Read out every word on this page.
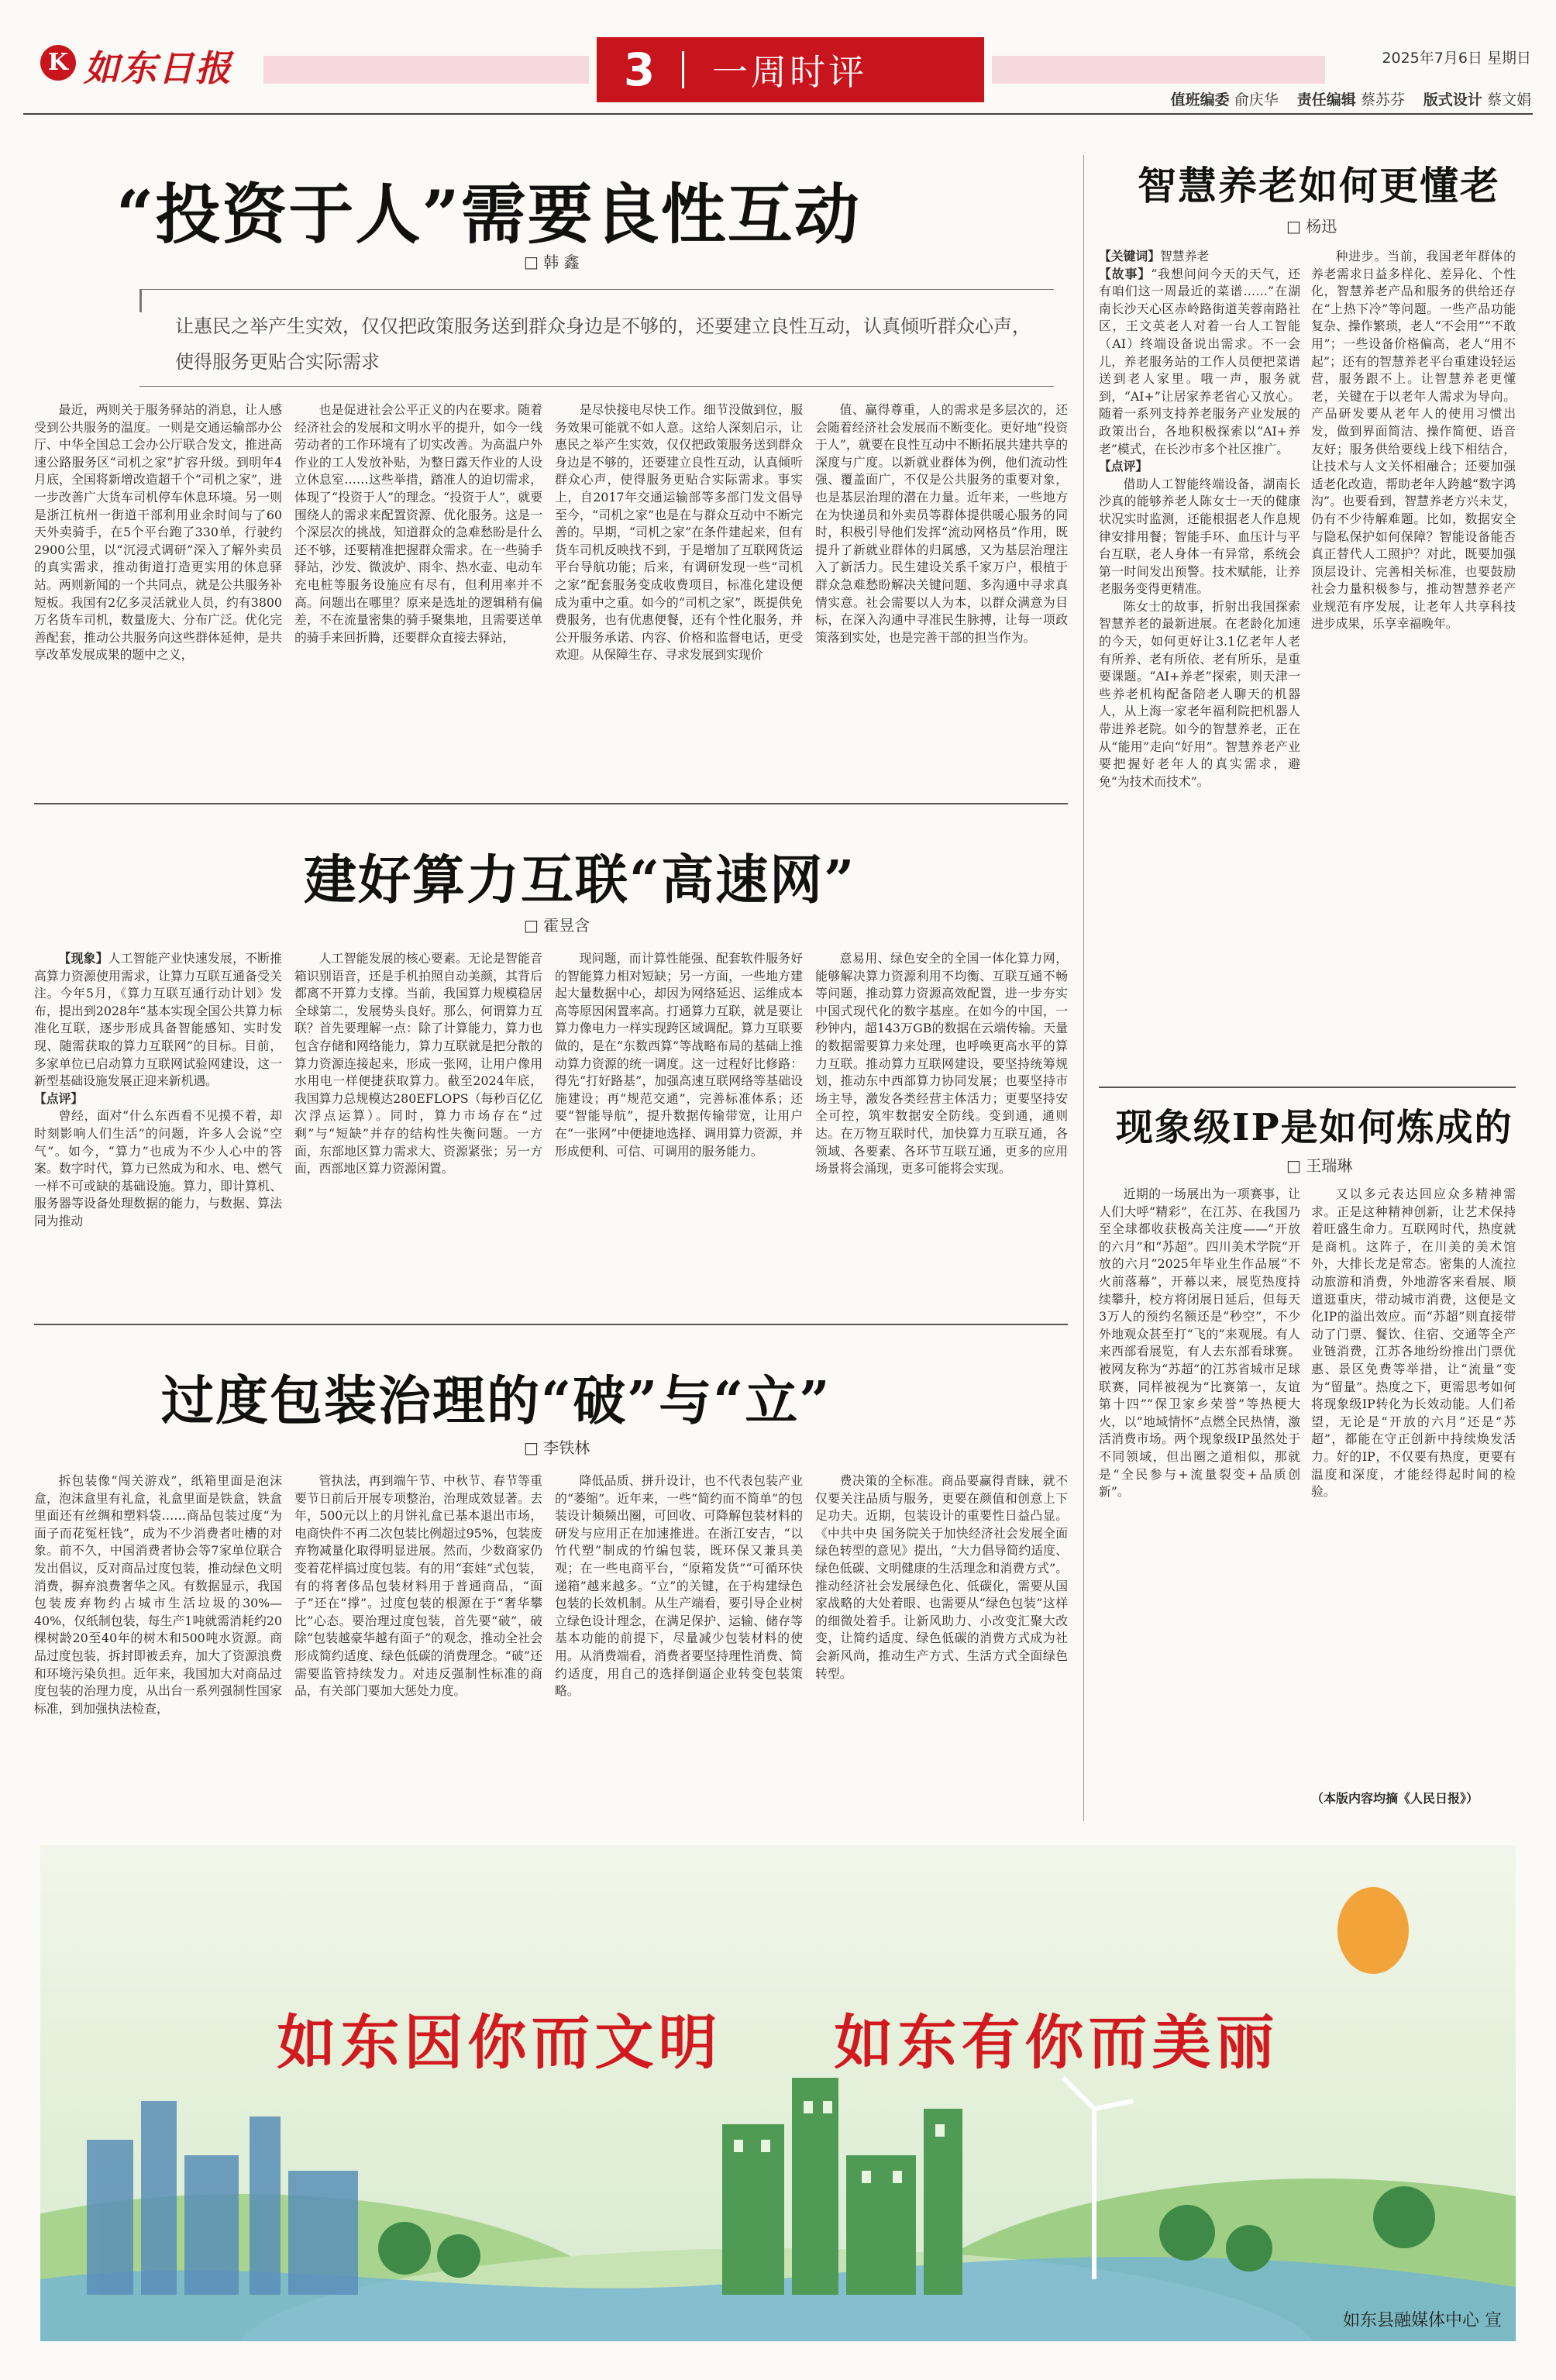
K 如东日报	3	一周时评	2025年7月6日 星期日
值班编委 俞庆华 责任编辑 蔡苏芬 版式设计 蔡文娟
“投资于人”需要良性互动
□ 韩 鑫
让惠民之举产生实效，仅仅把政策服务送到群众身边是不够的，还要建立良性互动，认真倾听群众心声，使得服务更贴合实际需求

最近，两则关于服务驿站的消息，让人感受到公共服务的温度。一则是交通运输部办公厅、中华全国总工会办公厅联合发文，推进高速公路服务区“司机之家”扩容升级。到明年4月底，全国将新增改造超千个“司机之家”，进一步改善广大货车司机停车休息环境。另一则是浙江杭州一街道干部利用业余时间与了60天外卖骑手，在5个平台跑了330单，行驶约2900公里，以“沉浸式调研”深入了解外卖员的真实需求，推动街道打造更实用的休息驿站。两则新闻的一个共同点，就是公共服务补短板。我国有2亿多灵活就业人员，约有3800万名货车司机，数量庞大、分布广泛。优化完善配套，推动公共服务向这些群体延伸，是共享改革发展成果的题中之义，

也是促进社会公平正义的内在要求。随着经济社会的发展和文明水平的提升，如今一线劳动者的工作环境有了切实改善。为高温户外作业的工人发放补贴，为整日露天作业的人设立休息室……这些举措，踏准人的迫切需求，体现了“投资于人”的理念。“投资于人”，就要围绕人的需求来配置资源、优化服务。这是一个深层次的挑战，知道群众的急难愁盼是什么还不够，还要精准把握群众需求。在一些骑手驿站，沙发、微波炉、雨伞、热水壶、电动车充电桩等服务设施应有尽有，但利用率并不高。问题出在哪里？原来是选址的逻辑稍有偏差，不在流量密集的骑手聚集地，且需要送单的骑手来回折腾，还要群众直接去驿站，

是尽快接电尽快工作。细节没做到位，服务效果可能就不如人意。这给人深刻启示，让惠民之举产生实效，仅仅把政策服务送到群众身边是不够的，还要建立良性互动，认真倾听群众心声，使得服务更贴合实际需求。事实上，自2017年交通运输部等多部门发文倡导至今，“司机之家”也是在与群众互动中不断完善的。早期，“司机之家”在条件建起来，但有货车司机反映找不到，于是增加了互联网货运平台导航功能；后来，有调研发现一些“司机之家”配套服务变成收费项目，标准化建设便成为重中之重。如今的“司机之家”，既提供免费服务，也有优惠便餐，还有个性化服务，并公开服务承诺、内容、价格和监督电话，更受欢迎。从保障生存、寻求发展到实现价

值、赢得尊重，人的需求是多层次的，还会随着经济社会发展而不断变化。更好地“投资于人”，就要在良性互动中不断拓展共建共享的深度与广度。以新就业群体为例，他们流动性强、覆盖面广，不仅是公共服务的重要对象，也是基层治理的潜在力量。近年来，一些地方在为快递员和外卖员等群体提供暖心服务的同时，积极引导他们发挥“流动网格员”作用，既提升了新就业群体的归属感，又为基层治理注入了新活力。民生建设关系千家万户，根植于群众急难愁盼解决关键问题、多沟通中寻求真情实意。社会需要以人为本，以群众满意为目标，在深入沟通中寻准民生脉搏，让每一项政策落到实处，也是完善干部的担当作为。

建好算力互联“高速网”
□ 霍昱含

【现象】人工智能产业快速发展，不断推高算力资源使用需求，让算力互联互通备受关注。今年5月，《算力互联互通行动计划》发布，提出到2028年“基本实现全国公共算力标准化互联，逐步形成具备智能感知、实时发现、随需获取的算力互联网”的目标。目前，多家单位已启动算力互联网试验网建设，这一新型基础设施发展正迎来新机遇。

【点评】

曾经，面对“什么东西看不见摸不着，却时刻影响人们生活”的问题，许多人会说“空气”。如今，“算力”也成为不少人心中的答案。数字时代，算力已然成为和水、电、燃气一样不可或缺的基础设施。算力，即计算机、服务器等设备处理数据的能力，与数据、算法同为推动

人工智能发展的核心要素。无论是智能音箱识别语音，还是手机拍照自动美颜，其背后都离不开算力支撑。当前，我国算力规模稳居全球第二，发展势头良好。那么，何谓算力互联？首先要理解一点：除了计算能力，算力也包含存储和网络能力，算力互联就是把分散的算力资源连接起来，形成一张网，让用户像用水用电一样便捷获取算力。截至2024年底，我国算力总规模达280EFLOPS（每秒百亿亿次浮点运算）。同时，算力市场存在“过剩”与“短缺”并存的结构性失衡问题。一方面，东部地区算力需求大、资源紧张；另一方面，西部地区算力资源闲置。

现问题，而计算性能强、配套软件服务好的智能算力相对短缺；另一方面，一些地方建起大量数据中心，却因为网络延迟、运维成本高等原因闲置率高。打通算力互联，就是要让算力像电力一样实现跨区域调配。算力互联要做的，是在“东数西算”等战略布局的基础上推动算力资源的统一调度。这一过程好比修路：得先“打好路基”，加强高速互联网络等基础设施建设；再“规范交通”，完善标准体系；还要“智能导航”，提升数据传输带宽，让用户在“一张网”中便捷地选择、调用算力资源，并形成便利、可信、可调用的服务能力。

意易用、绿色安全的全国一体化算力网，能够解决算力资源利用不均衡、互联互通不畅等问题，推动算力资源高效配置，进一步夯实中国式现代化的数字基座。在如今的中国，一秒钟内，超143万GB的数据在云端传输。天量的数据需要算力来处理，也呼唤更高水平的算力互联。推动算力互联网建设，要坚持统筹规划，推动东中西部算力协同发展；也要坚持市场主导，激发各类经营主体活力；更要坚持安全可控，筑牢数据安全防线。变到通，通则达。在万物互联时代，加快算力互联互通，各领域、各要素、各环节互联互通，更多的应用场景将会涌现，更多可能将会实现。

过度包装治理的“破”与“立”
□ 李铁林

拆包装像“闯关游戏”，纸箱里面是泡沫盒，泡沫盒里有礼盒，礼盒里面是铁盒，铁盒里面还有丝绸和塑料袋……商品包装过度“为面子而花冤枉钱”，成为不少消费者吐槽的对象。前不久，中国消费者协会等7家单位联合发出倡议，反对商品过度包装，推动绿色文明消费，摒弃浪费奢华之风。有数据显示，我国包装废弃物约占城市生活垃圾的30%—40%，仅纸制包装，每生产1吨就需消耗约20棵树龄20至40年的树木和500吨水资源。商品过度包装，拆封即被丢弃，加大了资源浪费和环境污染负担。近年来，我国加大对商品过度包装的治理力度，从出台一系列强制性国家标准，到加强执法检查，

管执法，再到端午节、中秋节、春节等重要节日前后开展专项整治，治理成效显著。去年，500元以上的月饼礼盒已基本退出市场，电商快件不再二次包装比例超过95%，包装废弃物减量化取得明显进展。然而，少数商家仍变着花样搞过度包装。有的用“套娃”式包装，有的将奢侈品包装材料用于普通商品，“面子”还在“撑”。过度包装的根源在于“奢华攀比”心态。要治理过度包装，首先要“破”，破除“包装越豪华越有面子”的观念，推动全社会形成简约适度、绿色低碳的消费理念。“破”还需要监管持续发力。对违反强制性标准的商品，有关部门要加大惩处力度。

降低品质、拼升设计，也不代表包装产业的“萎缩”。近年来，一些“简约而不简单”的包装设计频频出圈，可回收、可降解包装材料的研发与应用正在加速推进。在浙江安吉，“以竹代塑”制成的竹编包装，既环保又兼具美观；在一些电商平台，“原箱发货”“可循环快递箱”越来越多。“立”的关键，在于构建绿色包装的长效机制。从生产端看，要引导企业树立绿色设计理念，在满足保护、运输、储存等基本功能的前提下，尽量减少包装材料的使用。从消费端看，消费者要坚持理性消费、简约适度，用自己的选择倒逼企业转变包装策略。

费决策的全标准。商品要赢得青睐，就不仅要关注品质与服务，更要在颜值和创意上下足功夫。近期，包装设计的重要性日益凸显。《中共中央 国务院关于加快经济社会发展全面绿色转型的意见》提出，“大力倡导简约适度、绿色低碳、文明健康的生活理念和消费方式”。推动经济社会发展绿色化、低碳化，需要从国家战略的大处着眼、也需要从“绿色包装”这样的细微处着手。让新风助力、小改变汇聚大改变，让简约适度、绿色低碳的消费方式成为社会新风尚，推动生产方式、生活方式全面绿色转型。

智慧养老如何更懂老
□ 杨迅

【关键词】智慧养老

【故事】“我想问问今天的天气，还有咱们这一周最近的菜谱……”在湖南长沙天心区赤岭路街道芙蓉南路社区，王文英老人对着一台人工智能（AI）终端设备说出需求。不一会儿，养老服务站的工作人员便把菜谱送到老人家里。哦一声，服务就到，“AI+”让居家养老省心又放心。随着一系列支持养老服务产业发展的政策出台，各地积极探索以“AI+养老”模式，在长沙市多个社区推广。

【点评】

借助人工智能终端设备，湖南长沙真的能够养老人陈女士一天的健康状况实时监测，还能根据老人作息规律安排用餐；智能手环、血压计与平台互联，老人身体一有异常，系统会第一时间发出预警。技术赋能，让养老服务变得更精准。

陈女士的故事，折射出我国探索智慧养老的最新进展。在老龄化加速的今天，如何更好让3.1亿老年人老有所养、老有所依、老有所乐，是重要课题。“AI+养老”探索，则天津一些养老机构配备陪老人聊天的机器人，从上海一家老年福利院把机器人带进养老院。如今的智慧养老，正在从“能用”走向“好用”。智慧养老产业要把握好老年人的真实需求，避免“为技术而技术”。

种进步。当前，我国老年群体的养老需求日益多样化、差异化、个性化，智慧养老产品和服务的供给还存在“上热下冷”等问题。一些产品功能复杂、操作繁琐，老人“不会用”“不敢用”；一些设备价格偏高，老人“用不起”；还有的智慧养老平台重建设轻运营，服务跟不上。让智慧养老更懂老，关键在于以老年人需求为导向。产品研发要从老年人的使用习惯出发，做到界面简洁、操作简便、语音友好；服务供给要线上线下相结合，让技术与人文关怀相融合；还要加强适老化改造，帮助老年人跨越“数字鸿沟”。也要看到，智慧养老方兴未艾，仍有不少待解难题。比如，数据安全与隐私保护如何保障？智能设备能否真正替代人工照护？对此，既要加强顶层设计、完善相关标准，也要鼓励社会力量积极参与，推动智慧养老产业规范有序发展，让老年人共享科技进步成果，乐享幸福晚年。

现象级IP是如何炼成的
□ 王瑞琳

近期的一场展出为一项赛事，让人们大呼“精彩”，在江苏、在我国乃至全球都收获极高关注度——“开放的六月”和“苏超”。四川美术学院“开放的六月”2025年毕业生作品展“不火前落幕”，开幕以来，展览热度持续攀升，校方将闭展日延后，但每天3万人的预约名额还是“秒空”，不少外地观众甚至打“飞的”来观展。有人来西部看展览，有人去东部看球赛。被网友称为“苏超”的江苏省城市足球联赛，同样被视为“比赛第一，友谊第十四”“保卫家乡荣誉”等热梗大火，以“地域情怀”点燃全民热情，激活消费市场。两个现象级IP虽然处于不同领域，但出圈之道相似，那就是“全民参与+流量裂变+品质创新”。

又以多元表达回应众多精神需求。正是这种精神创新，让艺术保持着旺盛生命力。互联网时代，热度就是商机。这阵子，在川美的美术馆外，大排长龙是常态。密集的人流拉动旅游和消费，外地游客来看展、顺道逛重庆，带动城市消费，这便是文化IP的溢出效应。而“苏超”则直接带动了门票、餐饮、住宿、交通等全产业链消费，江苏各地纷纷推出门票优惠、景区免费等举措，让“流量”变为“留量”。热度之下，更需思考如何将现象级IP转化为长效动能。人们希望，无论是“开放的六月”还是“苏超”，都能在守正创新中持续焕发活力。好的IP，不仅要有热度，更要有温度和深度，才能经得起时间的检验。

（本版内容均摘《人民日报》）
如东因你而文明 如东有你而美丽
如东县融媒体中心 宣
